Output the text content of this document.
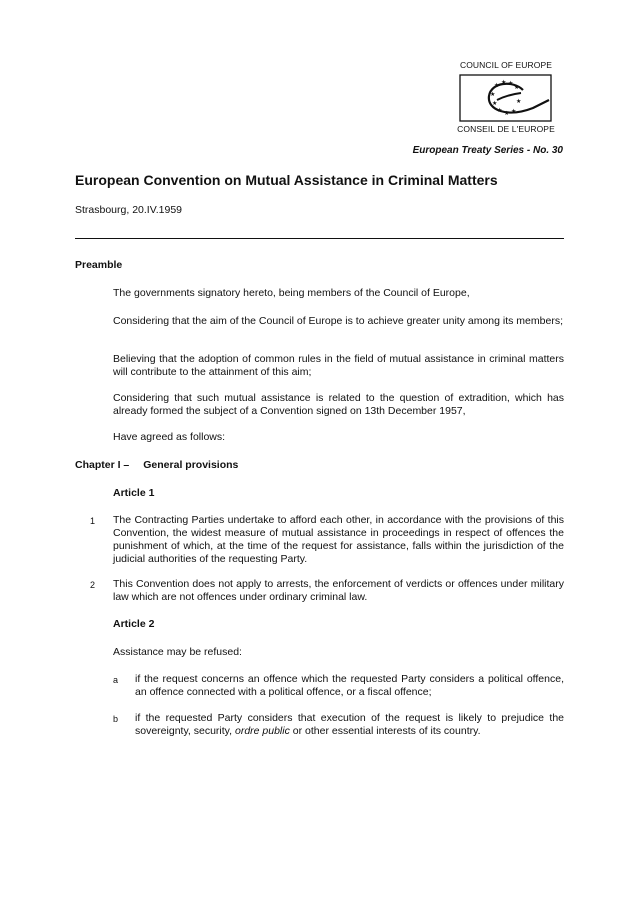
COUNCIL OF EUROPE
★ ★ ★
★
★
★
★
★ ★ ★
CONSEIL DE L'EUROPE
European Treaty Series - No. 30
European Convention on Mutual Assistance in Criminal Matters
Strasbourg, 20.IV.1959
Preamble

The governments signatory hereto, being members of the Council of Europe,

Considering that the aim of the Council of Europe is to achieve greater unity among its members;

Believing that the adoption of common rules in the field of mutual assistance in criminal matters will contribute to the attainment of this aim;

Considering that such mutual assistance is related to the question of extradition, which has already formed the subject of a Convention signed on 13th December 1957,

Have agreed as follows:

Chapter I – General provisions
Article 1
1 The Contracting Parties undertake to afford each other, in accordance with the provisions of this Convention, the widest measure of mutual assistance in proceedings in respect of offences the punishment of which, at the time of the request for assistance, falls within the jurisdiction of the judicial authorities of the requesting Party.

2 This Convention does not apply to arrests, the enforcement of verdicts or offences under military law which are not offences under ordinary criminal law.

Article 2

Assistance may be refused:

a if the request concerns an offence which the requested Party considers a political offence, an offence connected with a political offence, or a fiscal offence;

b if the requested Party considers that execution of the request is likely to prejudice the sovereignty, security, ordre public or other essential interests of its country.
